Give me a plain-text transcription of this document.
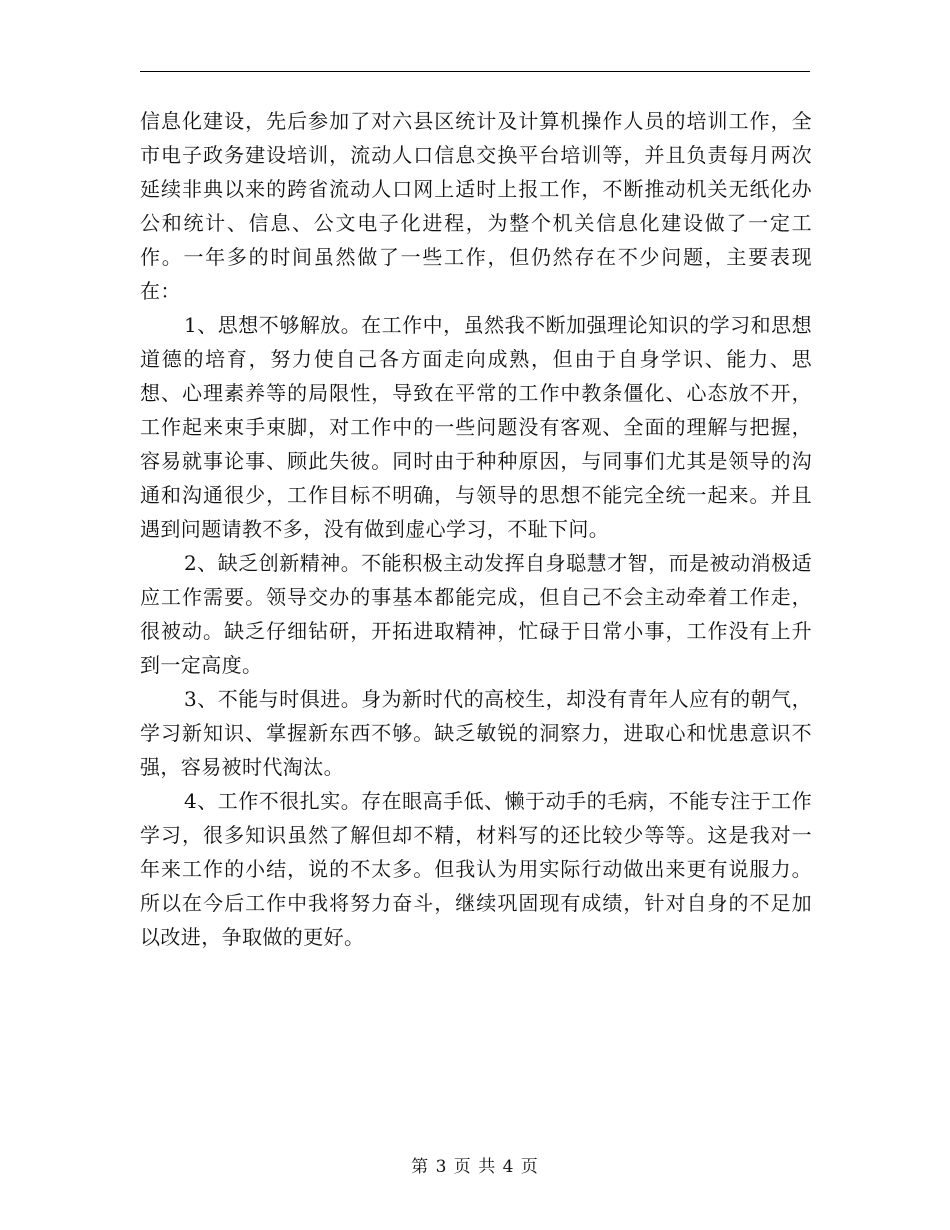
信息化建设，先后参加了对六县区统计及计算机操作人员的培训工作，全市电子政务建设培训，流动人口信息交换平台培训等，并且负责每月两次延续非典以来的跨省流动人口网上适时上报工作，不断推动机关无纸化办公和统计、信息、公文电子化进程，为整个机关信息化建设做了一定工作。一年多的时间虽然做了一些工作，但仍然存在不少问题，主要表现在：

1、思想不够解放。在工作中，虽然我不断加强理论知识的学习和思想道德的培育，努力使自己各方面走向成熟，但由于自身学识、能力、思想、心理素养等的局限性，导致在平常的工作中教条僵化、心态放不开，工作起来束手束脚，对工作中的一些问题没有客观、全面的理解与把握，容易就事论事、顾此失彼。同时由于种种原因，与同事们尤其是领导的沟通和沟通很少，工作目标不明确，与领导的思想不能完全统一起来。并且遇到问题请教不多，没有做到虚心学习，不耻下问。

2、缺乏创新精神。不能积极主动发挥自身聪慧才智，而是被动消极适应工作需要。领导交办的事基本都能完成，但自己不会主动牵着工作走，很被动。缺乏仔细钻研，开拓进取精神，忙碌于日常小事，工作没有上升到一定高度。

3、不能与时俱进。身为新时代的高校生，却没有青年人应有的朝气，学习新知识、掌握新东西不够。缺乏敏锐的洞察力，进取心和忧患意识不强，容易被时代淘汰。

4、工作不很扎实。存在眼高手低、懒于动手的毛病，不能专注于工作学习，很多知识虽然了解但却不精，材料写的还比较少等等。这是我对一年来工作的小结，说的不太多。但我认为用实际行动做出来更有说服力。所以在今后工作中我将努力奋斗，继续巩固现有成绩，针对自身的不足加以改进，争取做的更好。

第 3 页 共 4 页
